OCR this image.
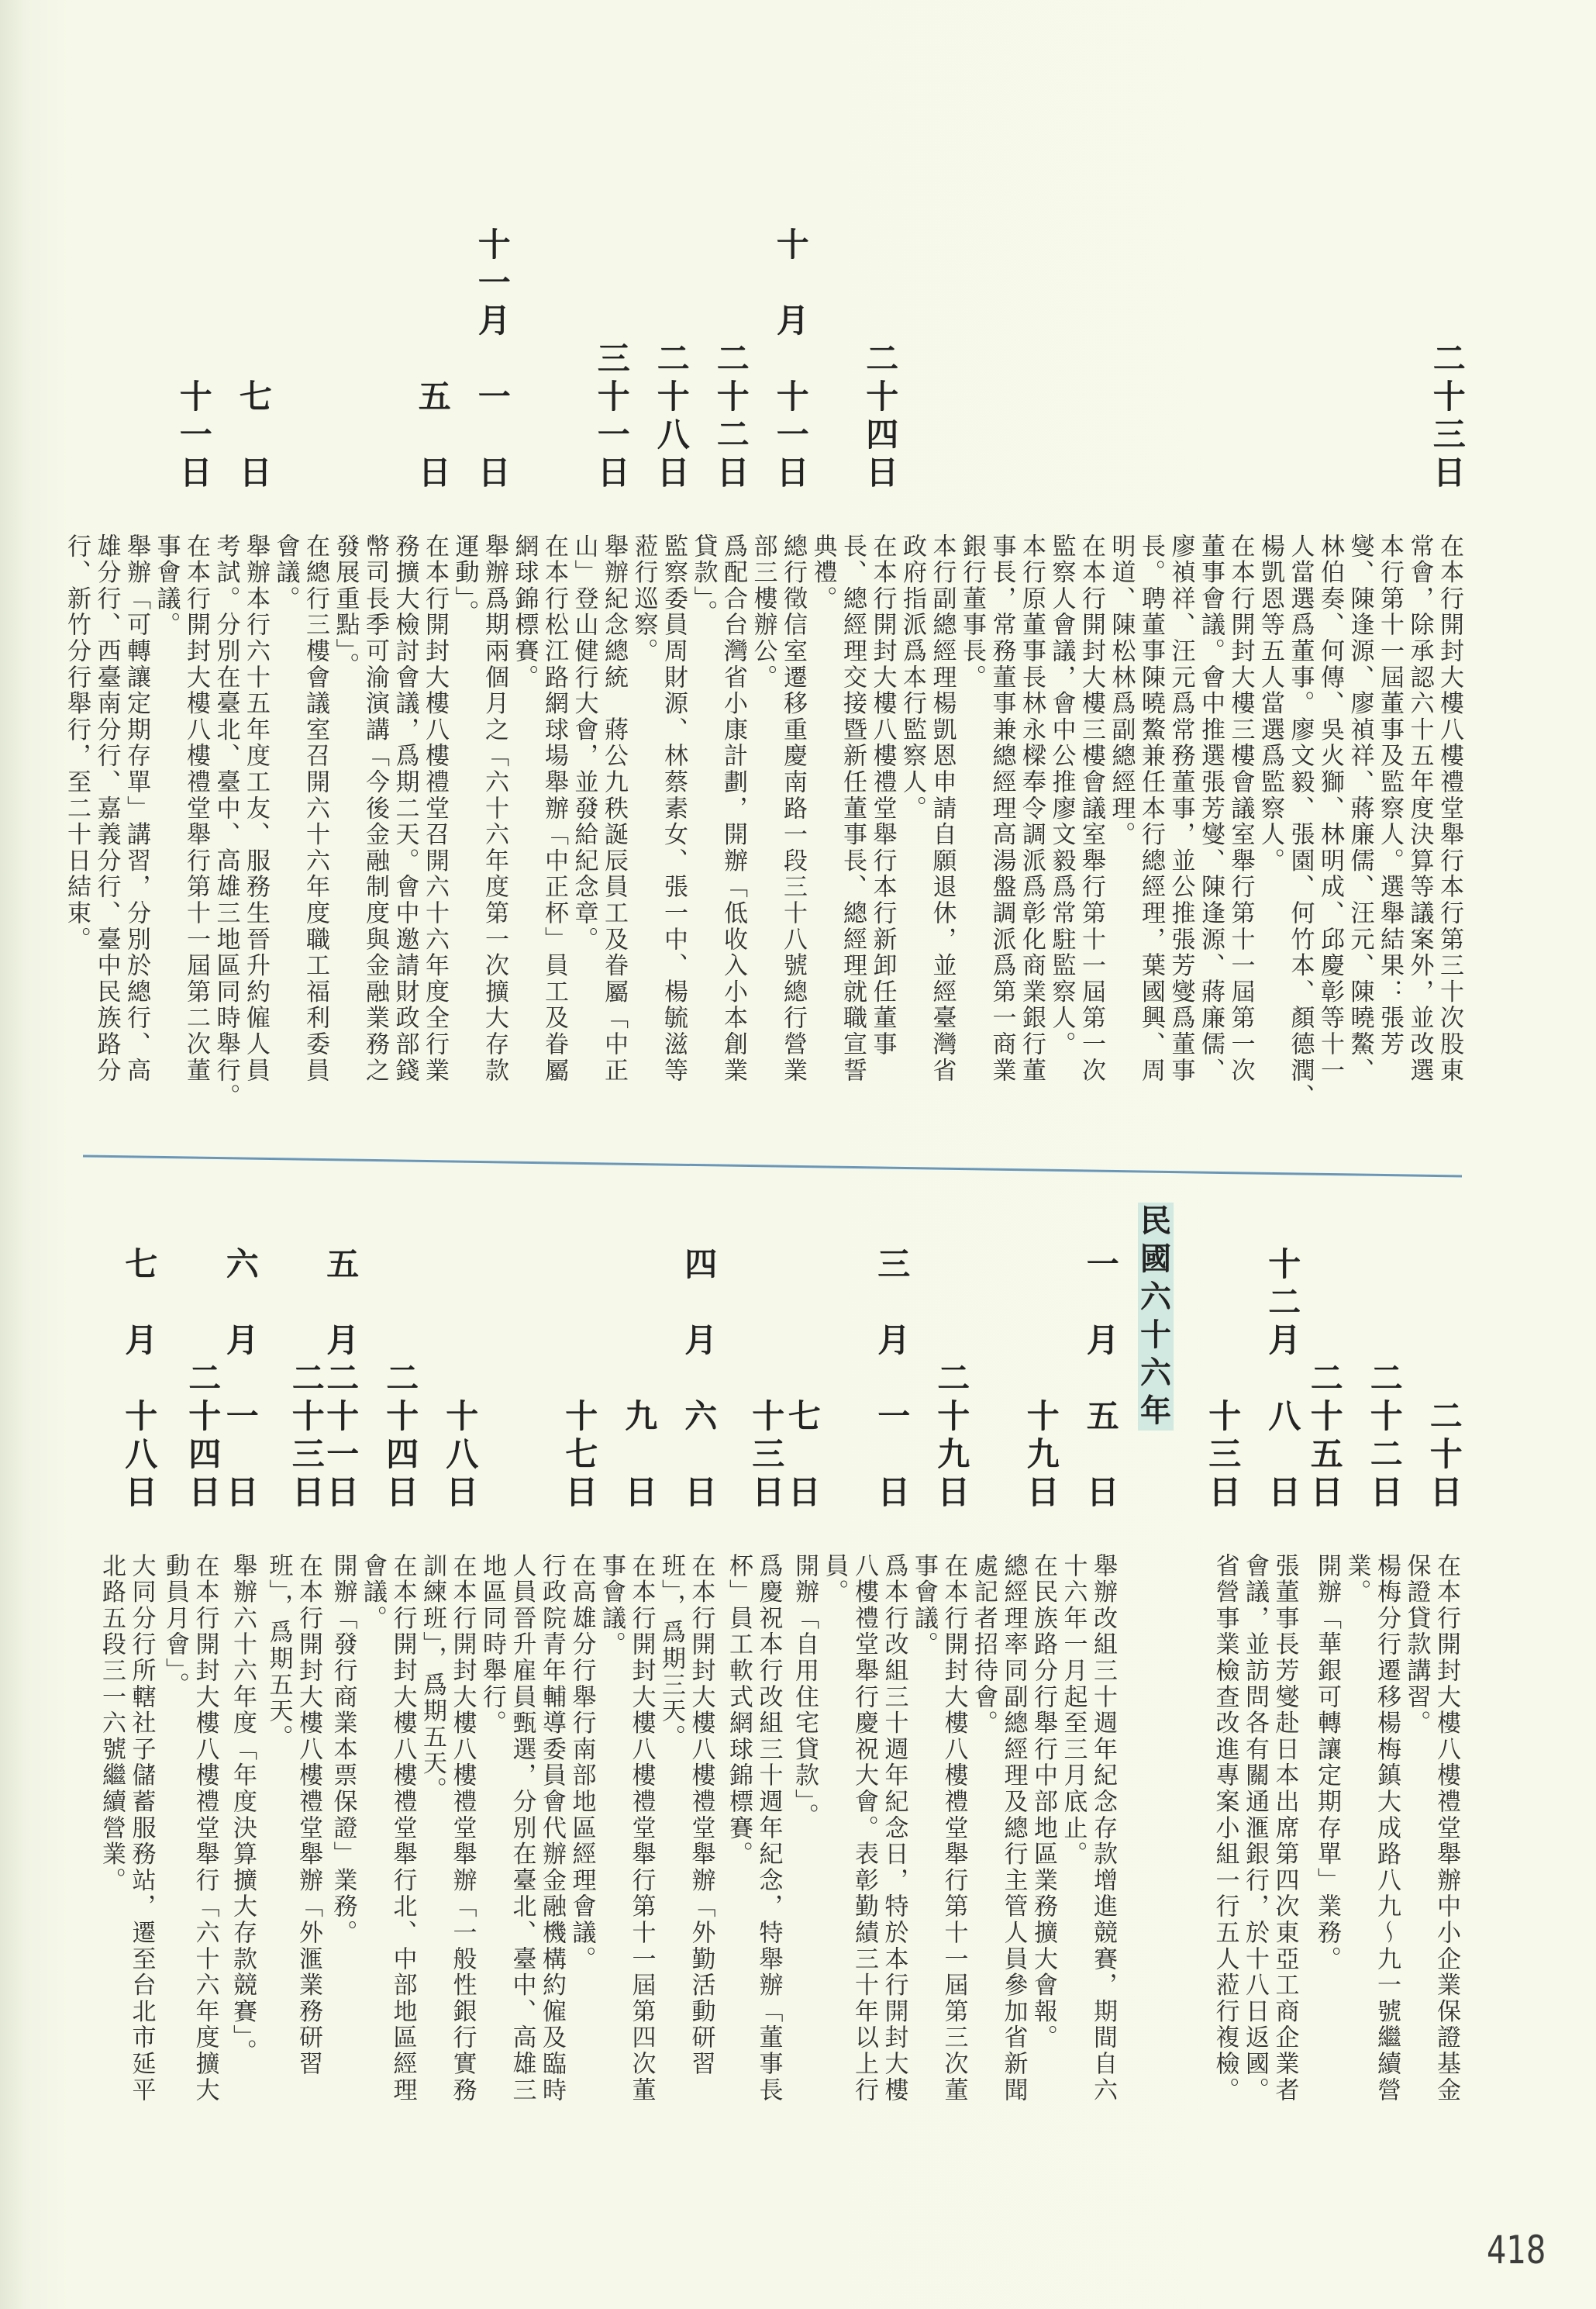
二
十
三
日
在本行開封大樓八樓禮堂舉行本行第三十次股東
常會，除承認六十五年度決算等議案外，並改選
本行第十一屆董事及監察人。選舉結果：張芳
燮、陳逢源、廖禎祥、蔣廉儒、汪元、陳曉鰲、
林伯奏、何傳、吳火獅、林明成、邱慶彰等十一
人當選爲董事。廖文毅、張園、何竹本、顏德潤、
楊凱恩等五人當選爲監察人。
在本行開封大樓三樓會議室舉行第十一屆第一次
董事會議。會中推選張芳燮、陳逢源、蔣廉儒、
廖禎祥、汪元爲常務董事，並公推張芳燮爲董事
長。聘董事陳曉鰲兼任本行總經理，葉國興、周
明道、陳松林爲副總經理。
在本行開封大樓三樓會議室舉行第十一屆第一次
監察人會議，會中公推廖文毅爲常駐監察人。
本行原董事長林永樑奉令調派爲彰化商業銀行董
事長，常務董事兼總經理高湯盤調派爲第一商業
銀行董事長。
本行副總經理楊凱恩申請自願退休，並經臺灣省
政府指派爲本行監察人。
二
十
四
日
在本行開封大樓八樓禮堂舉行本行新卸任董事
長、總經理交接暨新任董事長、總經理就職宣誓
典禮。
十
月
十
一
日
總行徵信室遷移重慶南路一段三十八號總行營業
部三樓辦公。
二
十
二
日
爲配合台灣省小康計劃，開辦「低收入小本創業
貸款」。
二
十
八
日
監察委員周財源、林蔡素女、張一中、楊毓滋等
蒞行巡察。
三
十
一
日
舉辦紀念總統　蔣公九秩誕辰員工及眷屬「中正
山」登山健行大會，並發給紀念章。
在本行松江路網球場舉辦「中正杯」員工及眷屬
網球錦標賽。
十
一
月
一
日
舉辦爲期兩個月之「六十六年度第一次擴大存款
運動」。
五
日
在本行開封大樓八樓禮堂召開六十六年度全行業
務擴大檢討會議，爲期二天。會中邀請財政部錢
幣司長季可渝演講「今後金融制度與金融業務之
發展重點」。
在總行三樓會議室召開六十六年度職工福利委員
會議。
七
日
舉辦本行六十五年度工友、服務生晉升約僱人員
考試。分別在臺北、臺中、高雄三地區同時舉行。
十
一
日
在本行開封大樓八樓禮堂舉行第十一屆第二次董
事會議。
舉辦「可轉讓定期存單」講習，分別於總行、高
雄分行、西臺南分行、嘉義分行、臺中民族路分
行、新竹分行舉行，至二十日結束。
民
國
六
十
六
年	二
十
日
在本行開封大樓八樓禮堂舉辦中小企業保證基金
保證貸款講習。
二
十
二
日
楊梅分行遷移楊梅鎮大成路八九～九一號繼續營
業。
二
十
五
日
開辦「華銀可轉讓定期存單」業務。
十
二
月
八
日
張董事長芳燮赴日本出席第四次東亞工商企業者
會議，並訪問各有關通滙銀行，於十八日返國。
十
三
日
省營事業檢查改進專案小組一行五人蒞行複檢。
一
月
五
日
舉辦改組三十週年紀念存款增進競賽，期間自六
十六年一月起至三月底止。
十
九
日
在民族路分行舉行中部地區業務擴大會報。
總經理率同副總經理及總行主管人員參加省新聞
處記者招待會。
二
十
九
日
在本行開封大樓八樓禮堂舉行第十一屆第三次董
事會議。
三
月
一
日
爲本行改組三十週年紀念日，特於本行開封大樓
八樓禮堂舉行慶祝大會。表彰勤績三十年以上行
員。
七
日
開辦「自用住宅貸款」。
十
三
日
爲慶祝本行改組三十週年紀念，特舉辦「董事長
杯」員工軟式網球錦標賽。
四
月
六
日
在本行開封大樓八樓禮堂舉辦「外勤活動研習
班」，爲期三天。
九
日
在本行開封大樓八樓禮堂舉行第十一屆第四次董
事會議。
十
七
日
在高雄分行舉行南部地區經理會議。
行政院青年輔導委員會代辦金融機構約僱及臨時
人員晉升雇員甄選，分別在臺北、臺中、高雄三
地區同時舉行。
十
八
日
在本行開封大樓八樓禮堂舉辦「一般性銀行實務
訓練班」，爲期五天。
二
十
四
日
在本行開封大樓八樓禮堂舉行北、中部地區經理
會議。
五
月
二
十
一
日
開辦「發行商業本票保證」業務。
二
十
三
日
在本行開封大樓八樓禮堂舉辦「外滙業務研習
班」，爲期五天。
六
月
一
日
舉辦六十六年度「年度決算擴大存款競賽」。
二
十
四
日
在本行開封大樓八樓禮堂舉行「六十六年度擴大
動員月會」。
七
月
十
八
日
大同分行所轄社子儲蓄服務站，遷至台北市延平
北路五段三一六號繼續營業。
418
